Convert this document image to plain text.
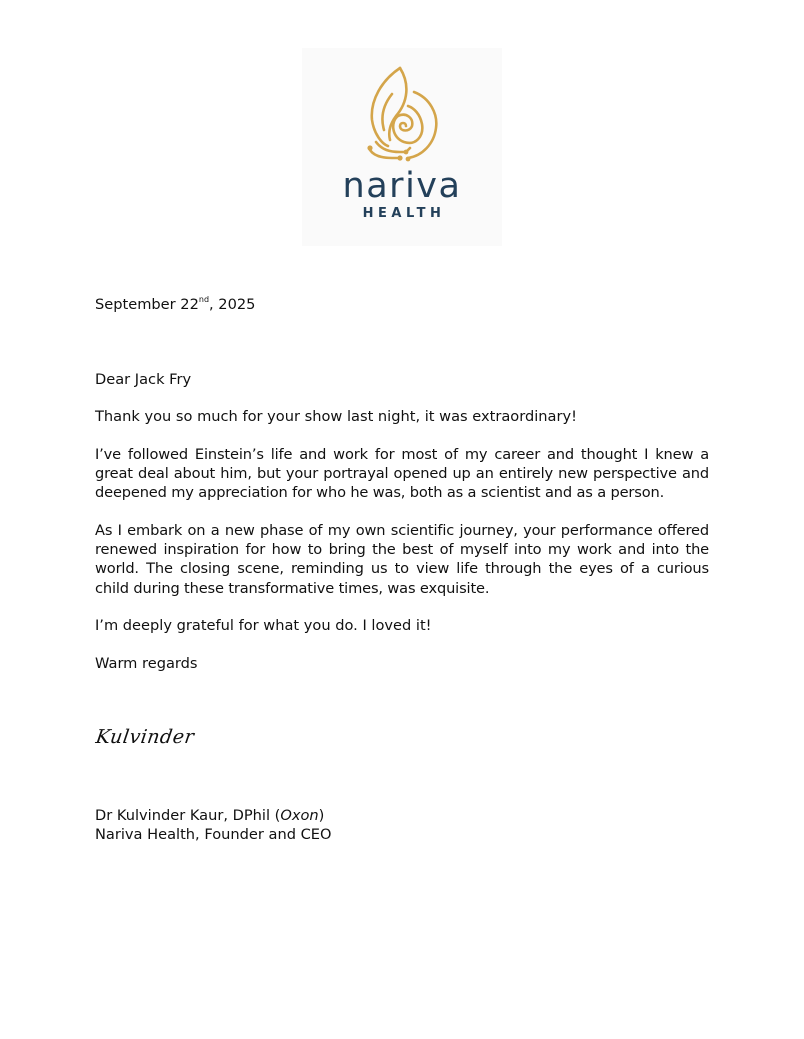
nariva
HEALTH

September 22nd, 2025

Dear Jack Fry

Thank you so much for your show last night, it was extraordinary!

I’ve followed Einstein’s life and work for most of my career and thought I knew a great deal about him, but your portrayal opened up an entirely new perspective and deepened my appreciation for who he was, both as a scientist and as a person.

As I embark on a new phase of my own scientific journey, your performance offered renewed inspiration for how to bring the best of myself into my work and into the world. The closing scene, reminding us to view life through the eyes of a curious child during these transformative times, was exquisite.

I’m deeply grateful for what you do. I loved it!

Warm regards

Kulvinder

Dr Kulvinder Kaur, DPhil (Oxon)

Nariva Health, Founder and CEO
